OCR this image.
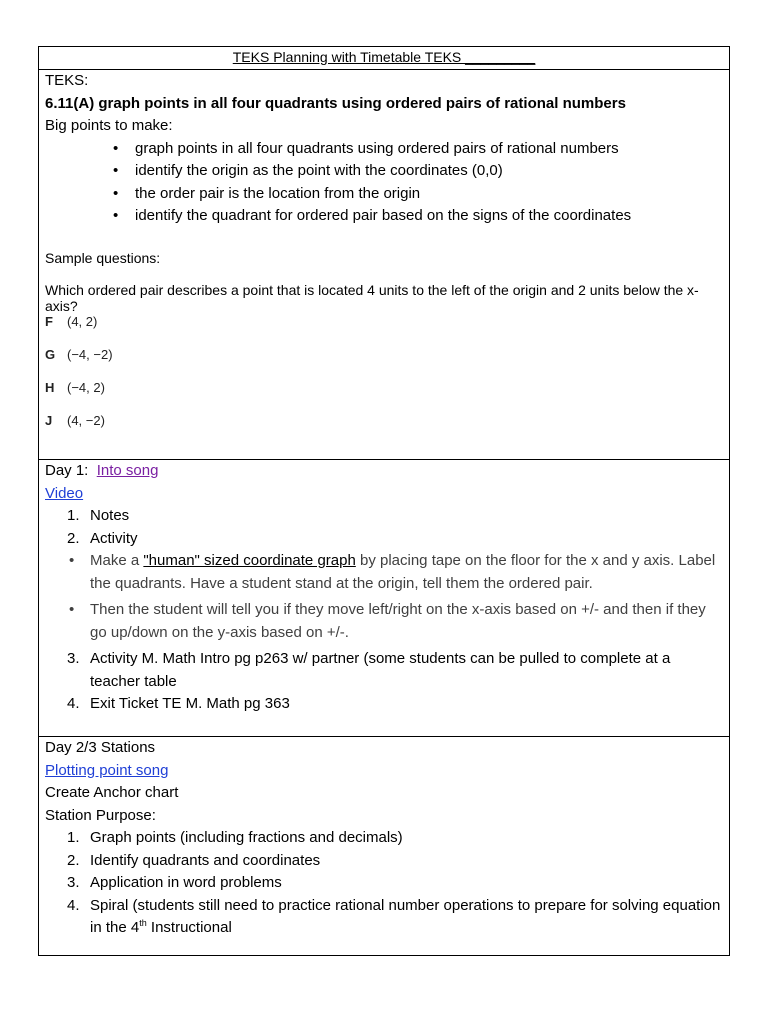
TEKS Planning with Timetable TEKS _________
TEKS:
6.11(A) graph points in all four quadrants using ordered pairs of rational numbers
Big points to make:
• graph points in all four quadrants using ordered pairs of rational numbers
• identify the origin as the point with the coordinates (0,0)
• the order pair is the location from the origin
• identify the quadrant for ordered pair based on the signs of the coordinates
Sample questions:
Which ordered pair describes a point that is located 4 units to the left of the origin and 2 units below the x-axis?
F (4, 2)
G (−4, −2)
H (−4, 2)
J (4, −2)
Day 1: Into song
Video
1. Notes
2. Activity
• Make a "human" sized coordinate graph by placing tape on the floor for the x and y axis. Label the quadrants. Have a student stand at the origin, tell them the ordered pair.
• Then the student will tell you if they move left/right on the x-axis based on +/- and then if they go up/down on the y-axis based on +/-.
3. Activity M. Math Intro pg p263 w/ partner (some students can be pulled to complete at a teacher table
4. Exit Ticket TE M. Math pg 363
Day 2/3 Stations
Plotting point song
Create Anchor chart
Station Purpose:
1. Graph points (including fractions and decimals)
2. Identify quadrants and coordinates
3. Application in word problems
4. Spiral (students still need to practice rational number operations to prepare for solving equation in the 4th Instructional
